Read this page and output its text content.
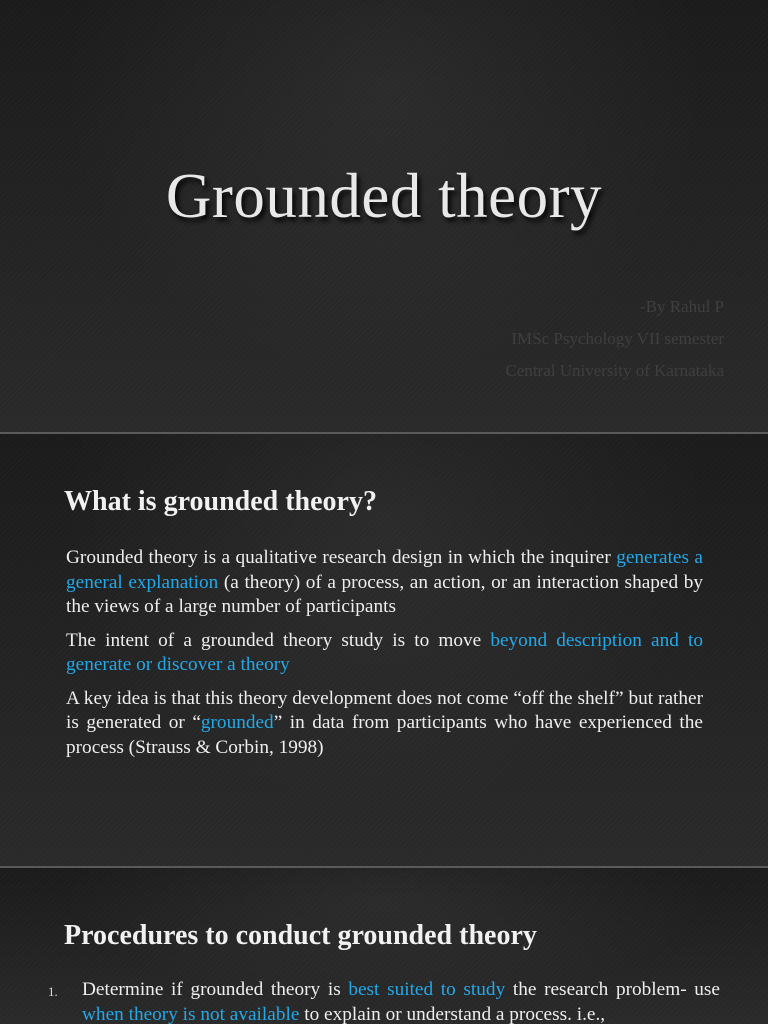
Grounded theory
-By Rahul P
IMSc Psychology VII semester
Central University of Karnataka
What is grounded theory?

Grounded theory is a qualitative research design in which the inquirer generates a general explanation (a theory) of a process, an action, or an interaction shaped by the views of a large number of participants

The intent of a grounded theory study is to move beyond description and to generate or discover a theory

A key idea is that this theory development does not come “off the shelf” but rather is generated or “grounded” in data from participants who have experienced the process (Strauss & Corbin, 1998)

Procedures to conduct grounded theory
1. Determine if grounded theory is best suited to study the research problem- use when theory is not available to explain or understand a process. i.e.,
